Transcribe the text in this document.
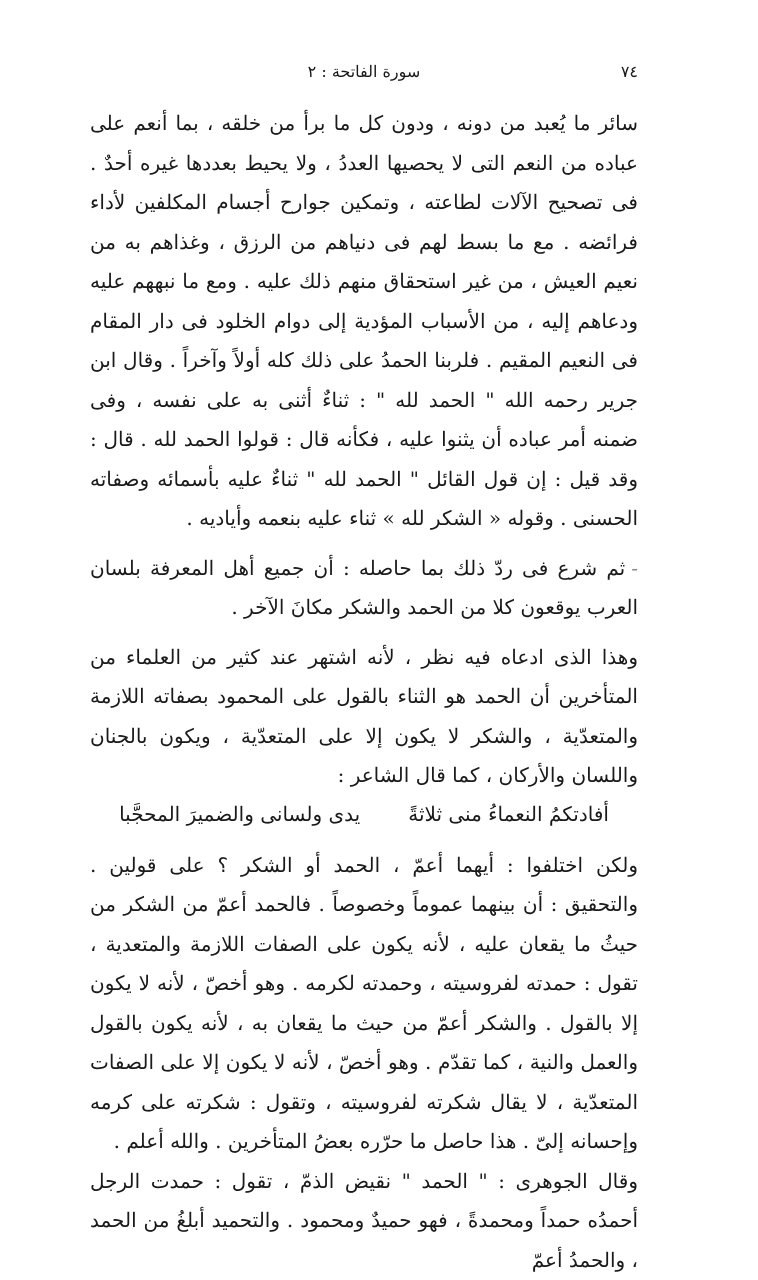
٧٤
سورة الفاتحة : ٢

سائر ما يُعبد من دونه ، ودون كل ما برأ من خلقه ، بما أنعم على عباده من النعم التى لا يحصيها العددُ ، ولا يحيط بعددها غيره أحدٌ . فى تصحيح الآلات لطاعته ، وتمكين جوارح أجسام المكلفين لأداء فرائضه . مع ما بسط لهم فى دنياهم من الرزق ، وغذاهم به من نعيم العيش ، من غير استحقاق منهم ذلك عليه . ومع ما نبههم عليه ودعاهم إليه ، من الأسباب المؤدية إلى دوام الخلود فى دار المقام فى النعيم المقيم . فلربنا الحمدُ على ذلك كله أولاً وآخراً . وقال ابن جرير رحمه الله " الحمد لله " : ثناءٌ أثنى به على نفسه ، وفى ضمنه أمر عباده أن يثنوا عليه ، فكأنه قال : قولوا الحمد لله . قال : وقد قيل : إن قول القائل " الحمد لله " ثناءٌ عليه بأسمائه وصفاته الحسنى . وقوله « الشكر لله » ثناء عليه بنعمه وأياديه .

-ثم شرع فى ردّ ذلك بما حاصله : أن جميع أهل المعرفة بلسان العرب يوقعون كلا من الحمد والشكر مكانَ الآخر .

وهذا الذى ادعاه فيه نظر ، لأنه اشتهر عند كثير من العلماء من المتأخرين أن الحمد هو الثناء بالقول على المحمود بصفاته اللازمة والمتعدّية ، والشكر لا يكون إلا على المتعدّية ، ويكون بالجنان واللسان والأركان ، كما قال الشاعر :

أفادتكمُ النعماءُ منى ثلاثةً
يدى ولسانى والضميرَ المحجَّبا

ولكن اختلفوا : أيهما أعمّ ، الحمد أو الشكر ؟ على قولين . والتحقيق : أن بينهما عموماً وخصوصاً . فالحمد أعمّ من الشكر من حيثُ ما يقعان عليه ، لأنه يكون على الصفات اللازمة والمتعدية ، تقول : حمدته لفروسيته ، وحمدته لكرمه . وهو أخصّ ، لأنه لا يكون إلا بالقول . والشكر أعمّ من حيث ما يقعان به ، لأنه يكون بالقول والعمل والنية ، كما تقدّم . وهو أخصّ ، لأنه لا يكون إلا على الصفات المتعدّية ، لا يقال شكرته لفروسيته ، وتقول : شكرته على كرمه وإحسانه إلىّ . هذا حاصل ما حرّره بعضُ المتأخرين . والله أعلم .

وقال الجوهرى : " الحمد " نقيض الذمّ ، تقول : حمدت الرجل أحمدُه حمداً ومحمدةً ، فهو حميدٌ ومحمود . والتحميد أبلغُ من الحمد ، والحمدُ أعمّ
